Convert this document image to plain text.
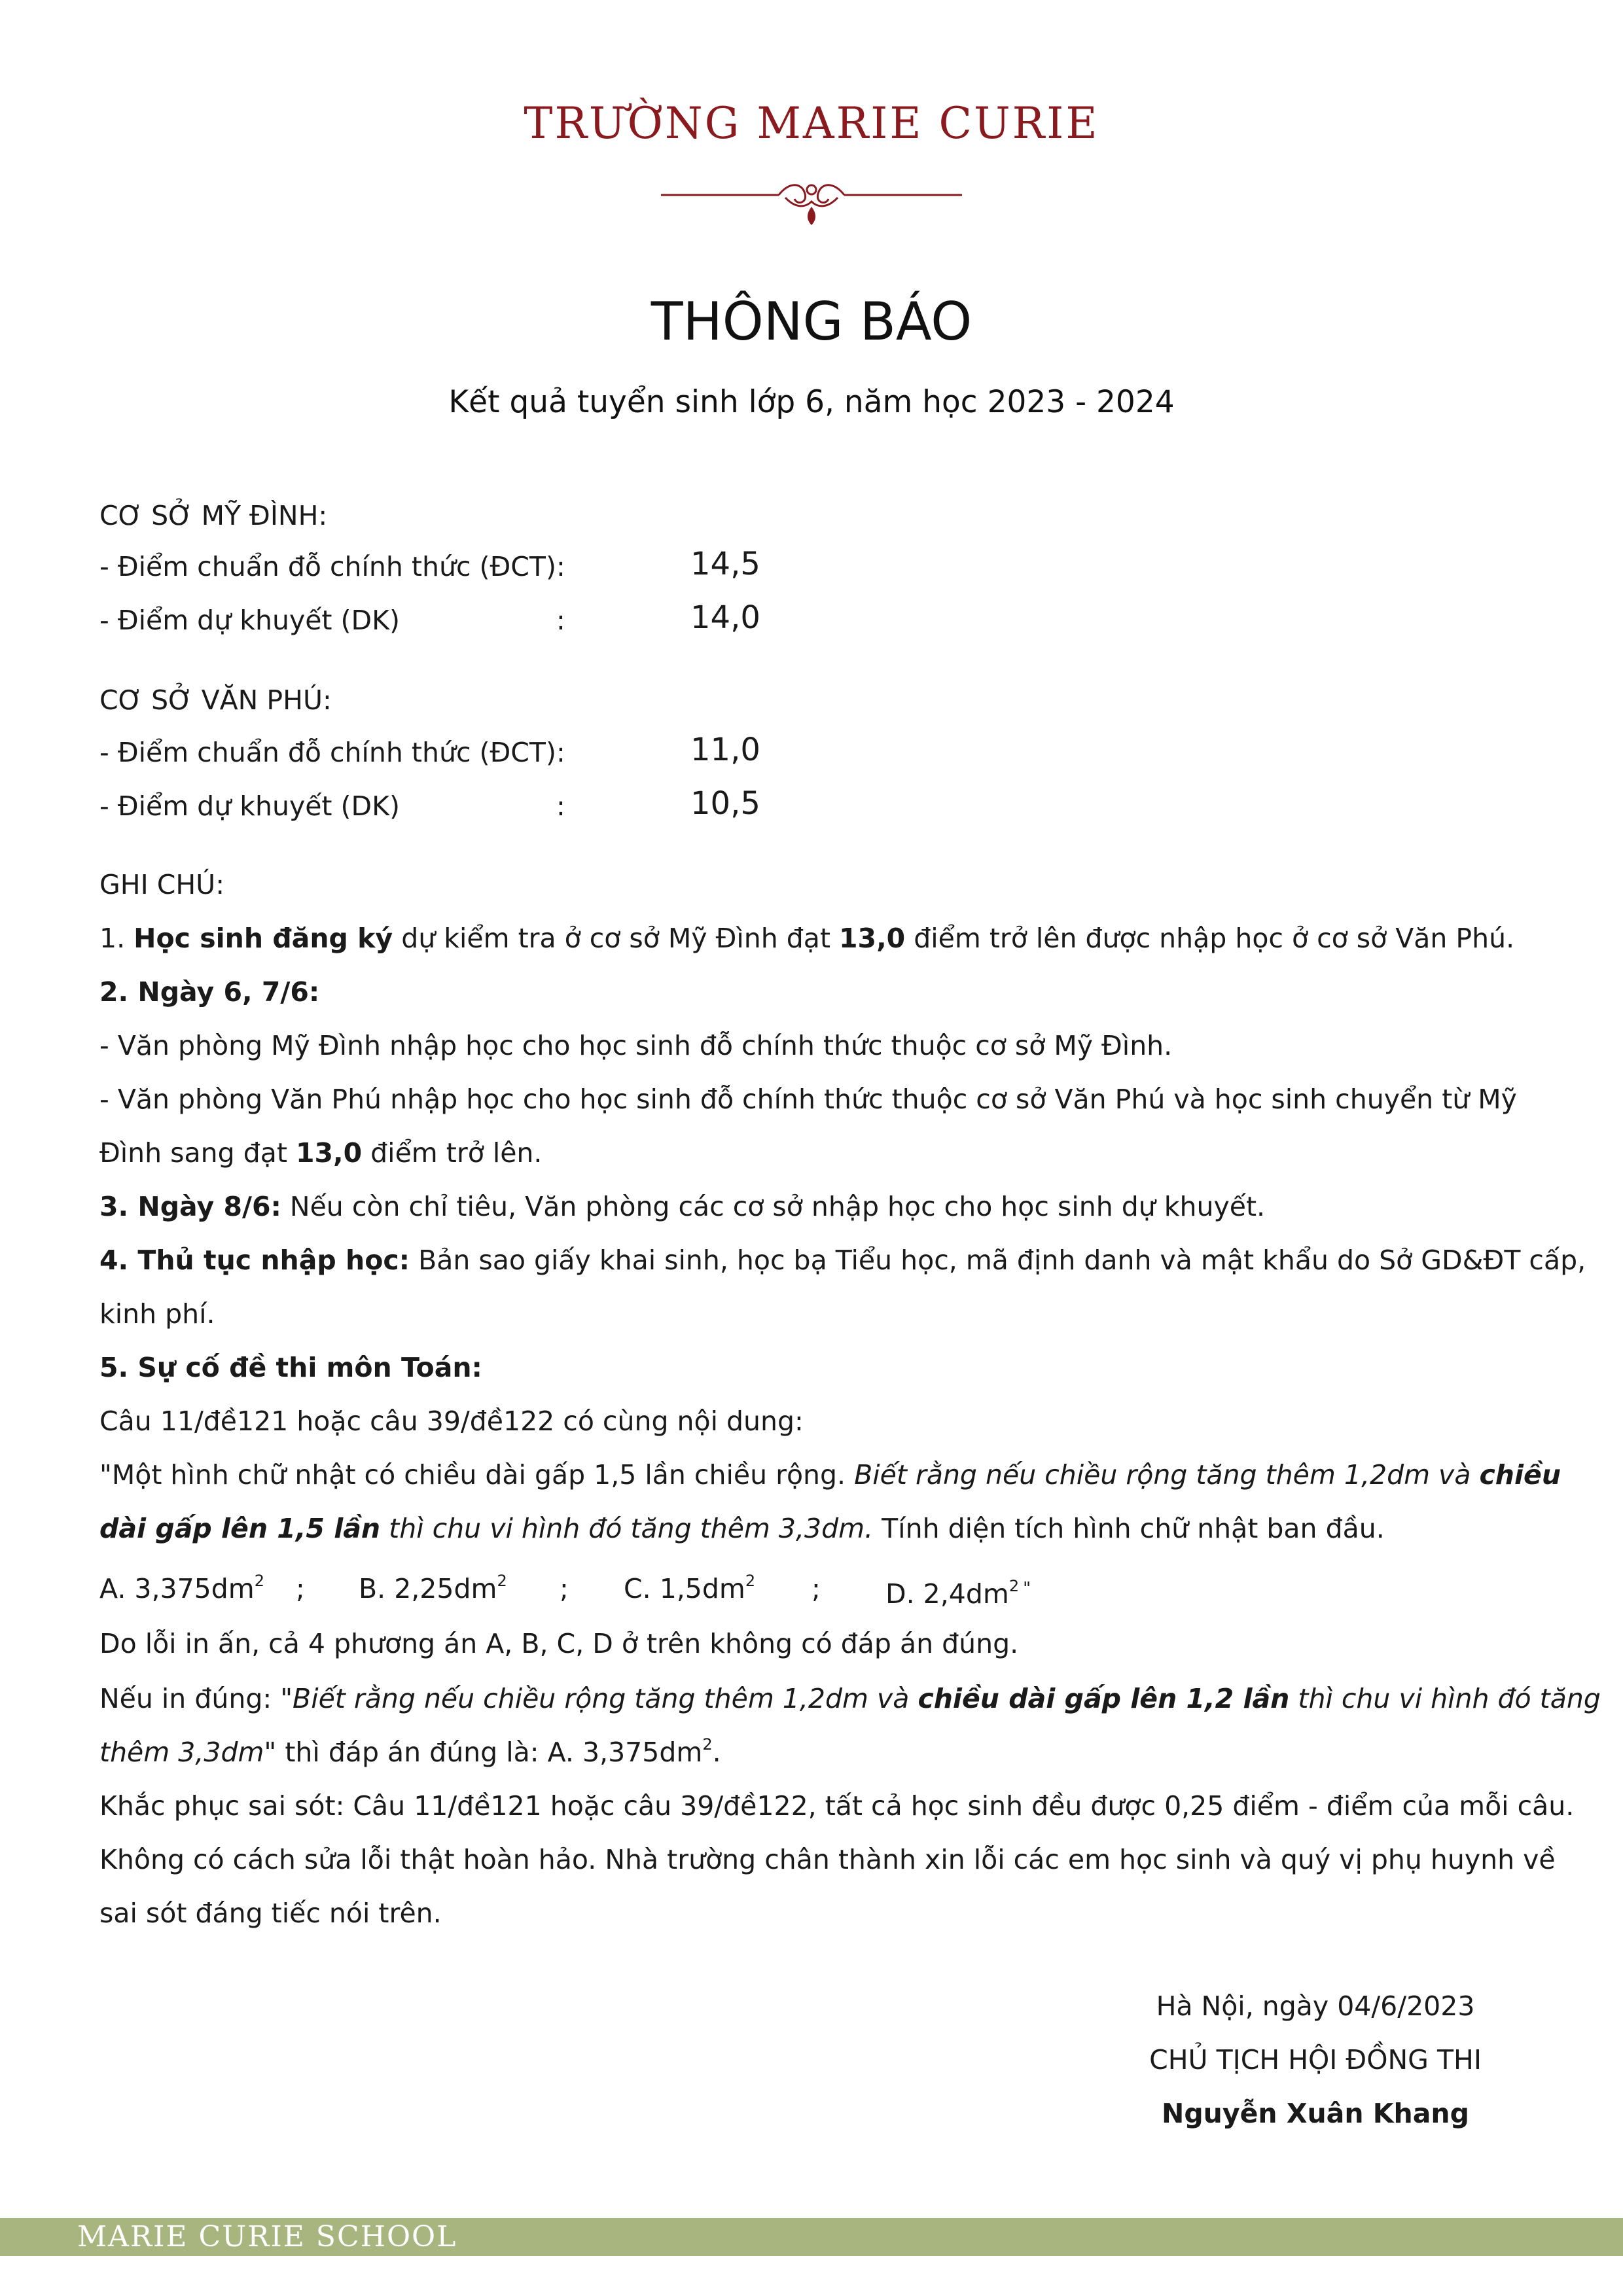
TRƯỜNG MARIE CURIE
THÔNG BÁO
Kết quả tuyển sinh lớp 6, năm học 2023 - 2024
CƠ SỞ MỸ ĐÌNH:
- Điểm chuẩn đỗ chính thức (ĐCT):	14,5
- Điểm dự khuyết (DK)	:	14,0
CƠ SỞ VĂN PHÚ:
- Điểm chuẩn đỗ chính thức (ĐCT):	11,0
- Điểm dự khuyết (DK)	:	10,5
GHI CHÚ:
1. Học sinh đăng ký dự kiểm tra ở cơ sở Mỹ Đình đạt 13,0 điểm trở lên được nhập học ở cơ sở Văn Phú.
2. Ngày 6, 7/6:
- Văn phòng Mỹ Đình nhập học cho học sinh đỗ chính thức thuộc cơ sở Mỹ Đình.
- Văn phòng Văn Phú nhập học cho học sinh đỗ chính thức thuộc cơ sở Văn Phú và học sinh chuyển từ Mỹ
Đình sang đạt 13,0 điểm trở lên.
3. Ngày 8/6: Nếu còn chỉ tiêu, Văn phòng các cơ sở nhập học cho học sinh dự khuyết.
4. Thủ tục nhập học: Bản sao giấy khai sinh, học bạ Tiểu học, mã định danh và mật khẩu do Sở GD&ĐT cấp,
kinh phí.
5. Sự cố đề thi môn Toán:
Câu 11/đề121 hoặc câu 39/đề122 có cùng nội dung:
"Một hình chữ nhật có chiều dài gấp 1,5 lần chiều rộng. Biết rằng nếu chiều rộng tăng thêm 1,2dm và chiều
dài gấp lên 1,5 lần thì chu vi hình đó tăng thêm 3,3dm. Tính diện tích hình chữ nhật ban đầu.
A. $3,375dm^2$ ; B. $2,25dm^2$ ; C. $1,5dm^2$ ; D. $2,4dm^2$ "
Do lỗi in ấn, cả 4 phương án A, B, C, D ở trên không có đáp án đúng.
Nếu in đúng: "Biết rằng nếu chiều rộng tăng thêm 1,2dm và chiều dài gấp lên 1,2 lần thì chu vi hình đó tăng
thêm 3,3dm" thì đáp án đúng là: A. $3,375dm^2$.
Khắc phục sai sót: Câu 11/đề121 hoặc câu 39/đề122, tất cả học sinh đều được 0,25 điểm - điểm của mỗi câu.
Không có cách sửa lỗi thật hoàn hảo. Nhà trường chân thành xin lỗi các em học sinh và quý vị phụ huynh về
sai sót đáng tiếc nói trên.
Hà Nội, ngày 04/6/2023
CHỦ TỊCH HỘI ĐỒNG THI
Nguyễn Xuân Khang
MARIE CURIE SCHOOL
